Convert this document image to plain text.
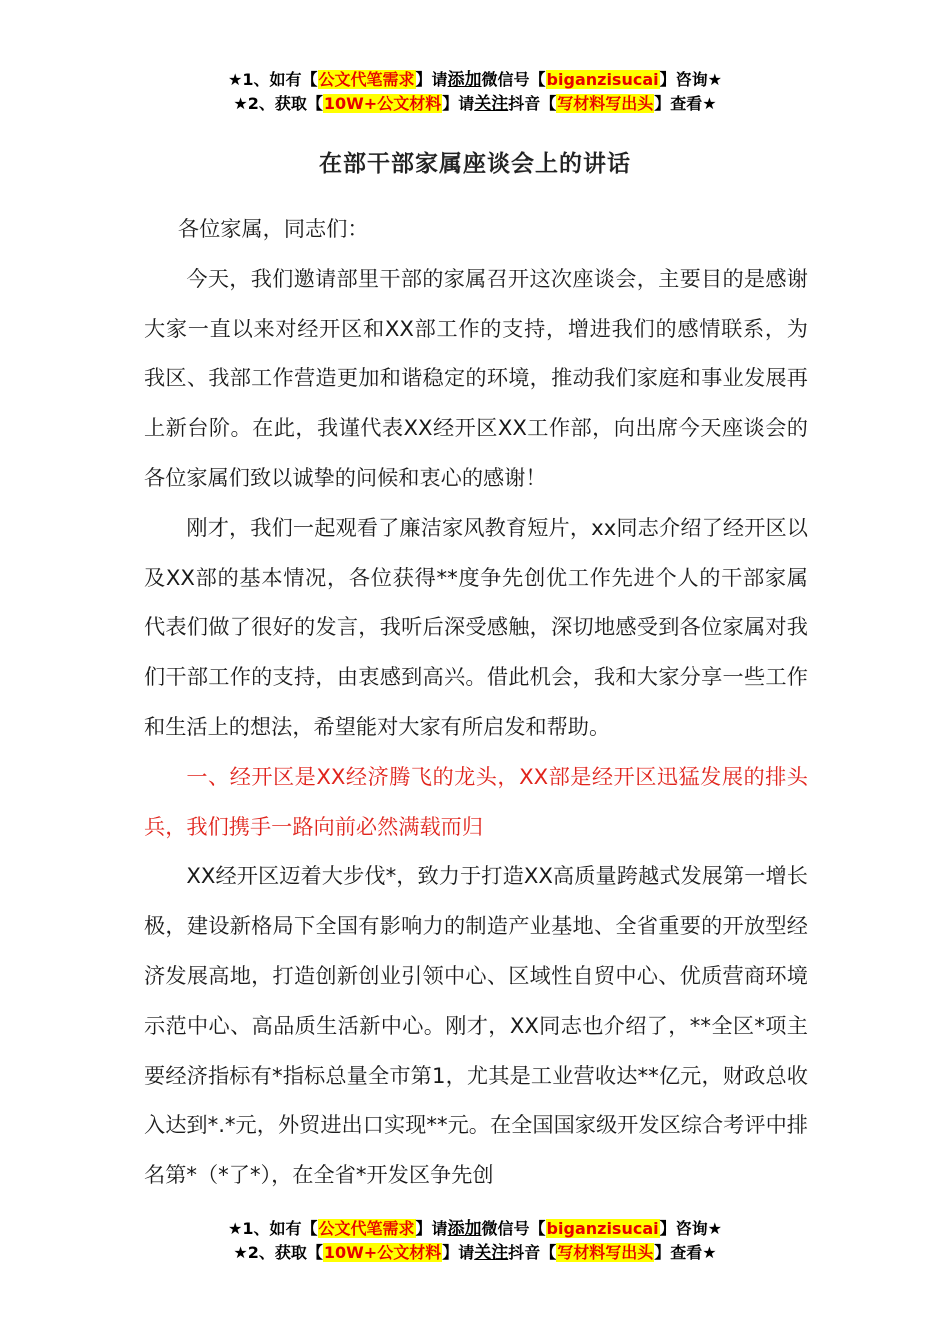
★1、如有【公文代笔需求】请添加微信号【biganzisucai】咨询★
★2、获取【10W+公文材料】请关注抖音【写材料写出头】查看★
在部干部家属座谈会上的讲话

各位家属，同志们：

今天，我们邀请部里干部的家属召开这次座谈会，主要目的是感谢大家一直以来对经开区和XX部工作的支持，增进我们的感情联系，为我区、我部工作营造更加和谐稳定的环境，推动我们家庭和事业发展再上新台阶。在此，我谨代表XX经开区XX工作部，向出席今天座谈会的各位家属们致以诚挚的问候和衷心的感谢！

刚才，我们一起观看了廉洁家风教育短片，xx同志介绍了经开区以及XX部的基本情况，各位获得**度争先创优工作先进个人的干部家属代表们做了很好的发言，我听后深受感触，深切地感受到各位家属对我们干部工作的支持，由衷感到高兴。借此机会，我和大家分享一些工作和生活上的想法，希望能对大家有所启发和帮助。

一、经开区是XX经济腾飞的龙头，XX部是经开区迅猛发展的排头兵，我们携手一路向前必然满载而归

XX经开区迈着大步伐*，致力于打造XX高质量跨越式发展第一增长极，建设新格局下全国有影响力的制造产业基地、全省重要的开放型经济发展高地，打造创新创业引领中心、区域性自贸中心、优质营商环境示范中心、高品质生活新中心。刚才，XX同志也介绍了，**全区*项主要经济指标有*指标总量全市第1，尤其是工业营收达**亿元，财政总收入达到*.*元，外贸进出口实现**元。在全国国家级开发区综合考评中排名第*（*了*），在全省*开发区争先创

★1、如有【公文代笔需求】请添加微信号【biganzisucai】咨询★
★2、获取【10W+公文材料】请关注抖音【写材料写出头】查看★
